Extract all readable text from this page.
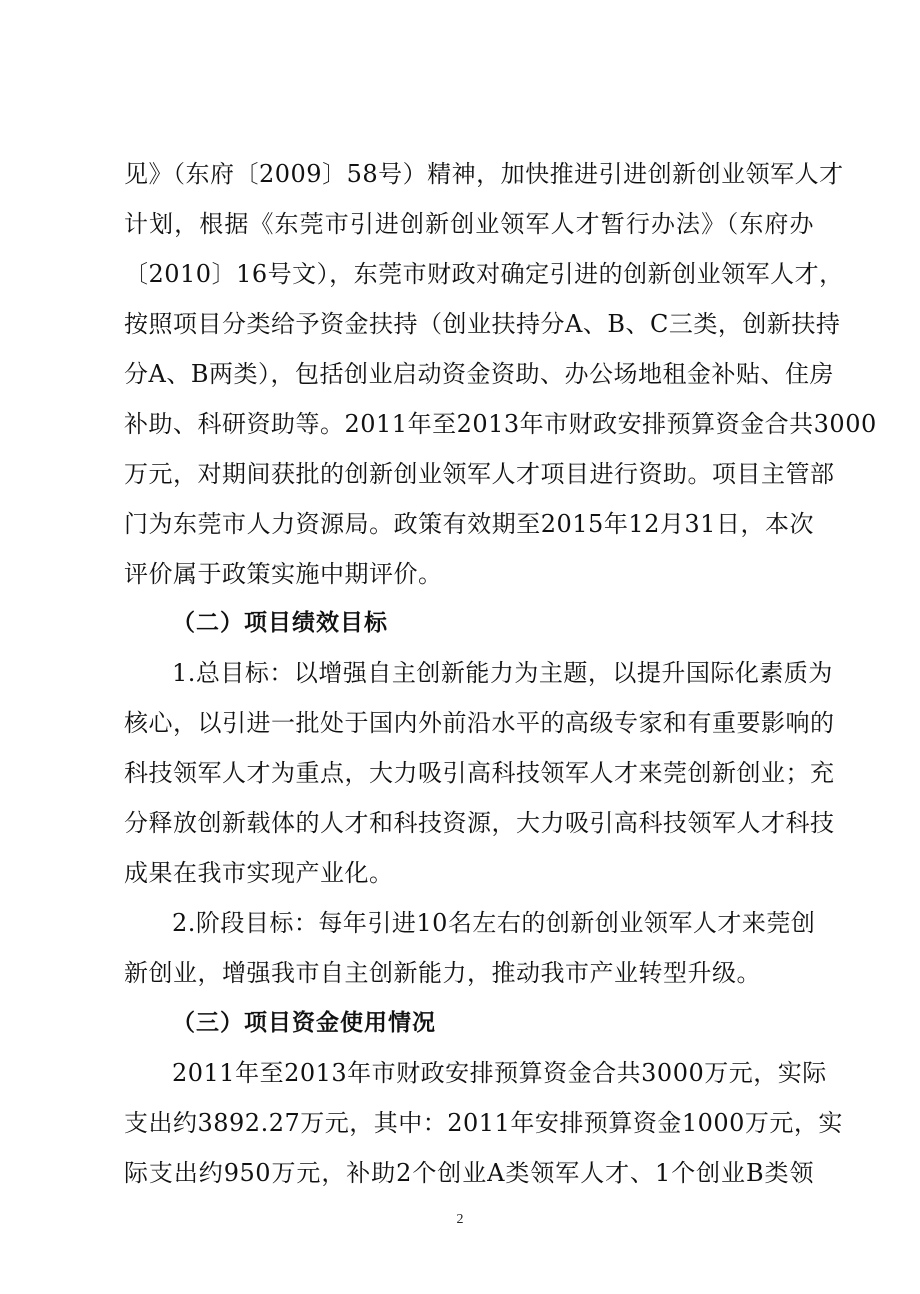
见》（东府〔2009〕58号）精神，加快推进引进创新创业领军人才
计划，根据《东莞市引进创新创业领军人才暂行办法》（东府办
〔2010〕16号文），东莞市财政对确定引进的创新创业领军人才，
按照项目分类给予资金扶持（创业扶持分A、B、C三类，创新扶持
分A、B两类），包括创业启动资金资助、办公场地租金补贴、住房
补助、科研资助等。2011年至2013年市财政安排预算资金合共3000
万元，对期间获批的创新创业领军人才项目进行资助。项目主管部
门为东莞市人力资源局。政策有效期至2015年12月31日，本次
评价属于政策实施中期评价。
（二）项目绩效目标
1.总目标：以增强自主创新能力为主题，以提升国际化素质为
核心，以引进一批处于国内外前沿水平的高级专家和有重要影响的
科技领军人才为重点，大力吸引高科技领军人才来莞创新创业；充
分释放创新载体的人才和科技资源，大力吸引高科技领军人才科技
成果在我市实现产业化。
2.阶段目标：每年引进10名左右的创新创业领军人才来莞创
新创业，增强我市自主创新能力，推动我市产业转型升级。
（三）项目资金使用情况
2011年至2013年市财政安排预算资金合共3000万元，实际
支出约3892.27万元，其中：2011年安排预算资金1000万元，实
际支出约950万元，补助2个创业A类领军人才、1个创业B类领
2
